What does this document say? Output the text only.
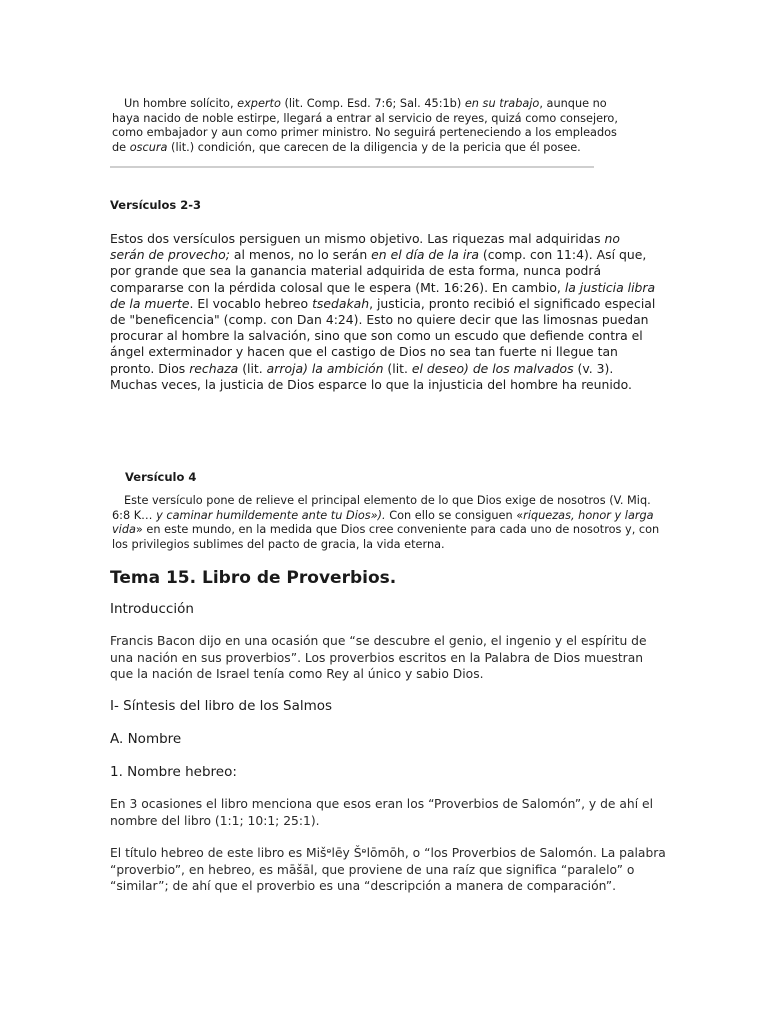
Un hombre solícito, experto (lit. Comp. Esd. 7:6; Sal. 45:1b) en su trabajo, aunque no haya nacido de noble estirpe, llegará a entrar al servicio de reyes, quizá como consejero, como embajador y aun como primer ministro. No seguirá perteneciendo a los empleados de oscura (lit.) condición, que carecen de la diligencia y de la pericia que él posee.
Versículos 2-3
Estos dos versículos persiguen un mismo objetivo. Las riquezas mal adquiridas no serán de provecho; al menos, no lo serán en el día de la ira (comp. con 11:4). Así que, por grande que sea la ganancia material adquirida de esta forma, nunca podrá compararse con la pérdida colosal que le espera (Mt. 16:26). En cambio, la justicia libra de la muerte. El vocablo hebreo tsedakah, justicia, pronto recibió el significado especial de "beneficencia" (comp. con Dan 4:24). Esto no quiere decir que las limosnas puedan procurar al hombre la salvación, sino que son como un escudo que defiende contra el ángel exterminador y hacen que el castigo de Dios no sea tan fuerte ni llegue tan pronto. Dios rechaza (lit. arroja) la ambición (lit. el deseo) de los malvados (v. 3). Muchas veces, la justicia de Dios esparce lo que la injusticia del hombre ha reunido.
Versículo 4
Este versículo pone de relieve el principal elemento de lo que Dios exige de nosotros (V. Miq. 6:8 K… y caminar humildemente ante tu Dios»). Con ello se consiguen «riquezas, honor y larga vida» en este mundo, en la medida que Dios cree conveniente para cada uno de nosotros y, con los privilegios sublimes del pacto de gracia, la vida eterna.
Tema 15. Libro de Proverbios.
Introducción
Francis Bacon dijo en una ocasión que “se descubre el genio, el ingenio y el espíritu de una nación en sus proverbios”. Los proverbios escritos en la Palabra de Dios muestran que la nación de Israel tenía como Rey al único y sabio Dios.
I- Síntesis del libro de los Salmos
A. Nombre
1. Nombre hebreo:
En 3 ocasiones el libro menciona que esos eran los “Proverbios de Salomón”, y de ahí el nombre del libro (1:1; 10:1; 25:1).
El título hebreo de este libro es Mišᶱlēy Šᶱlōmōh, o “los Proverbios de Salomón. La palabra “proverbio”, en hebreo, es māšāl, que proviene de una raíz que significa “paralelo” o “similar”; de ahí que el proverbio es una “descripción a manera de comparación”.
